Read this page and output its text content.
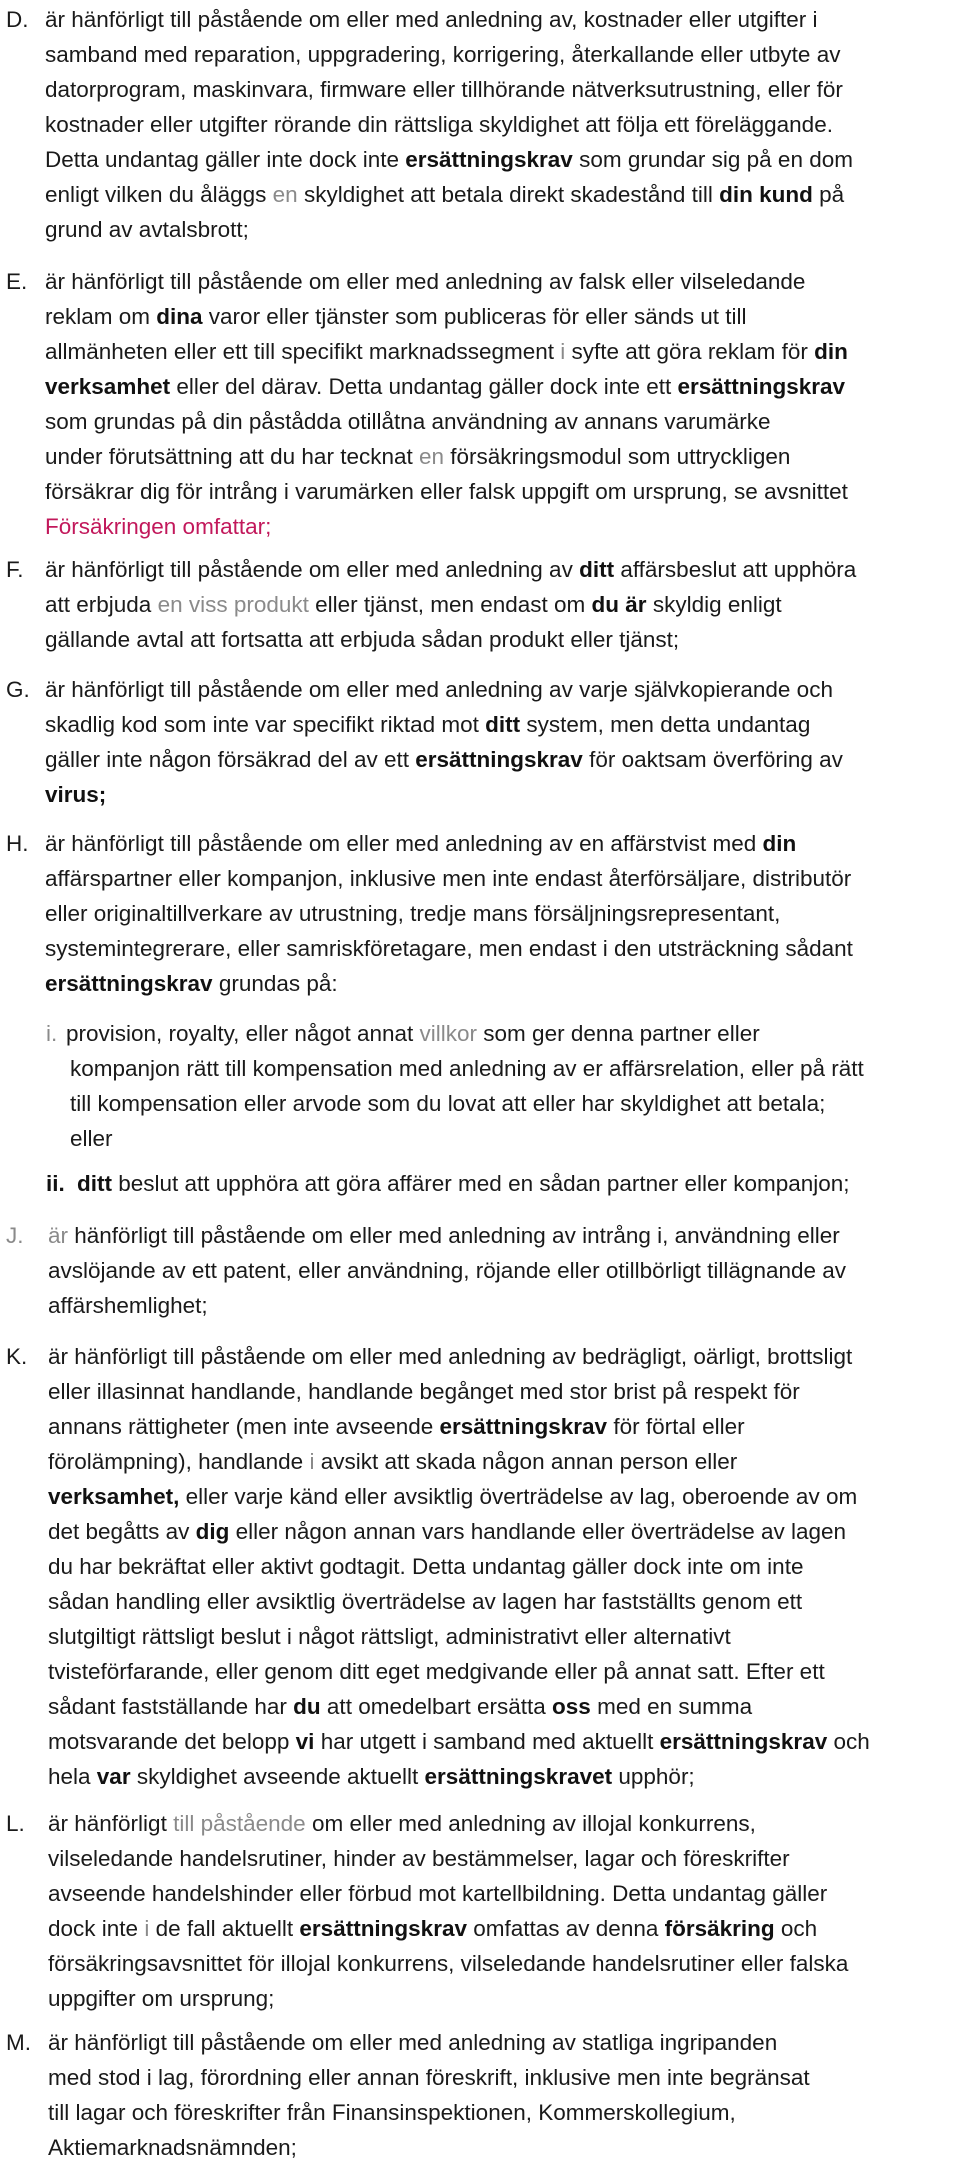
D. är hänförligt till påstående om eller med anledning av, kostnader eller utgifter i
samband med reparation, uppgradering, korrigering, återkallande eller utbyte av
datorprogram, maskinvara, firmware eller tillhörande nätverksutrustning, eller för
kostnader eller utgifter rörande din rättsliga skyldighet att följa ett föreläggande.
Detta undantag gäller inte dock inte ersättningskrav som grundar sig på en dom
enligt vilken du åläggs en skyldighet att betala direkt skadestånd till din kund på
grund av avtalsbrott;
E. är hänförligt till påstående om eller med anledning av falsk eller vilseledande
reklam om dina varor eller tjänster som publiceras för eller sänds ut till
allmänheten eller ett till specifikt marknadssegment i syfte att göra reklam för din
verksamhet eller del därav. Detta undantag gäller dock inte ett ersättningskrav
som grundas på din påstådda otillåtna användning av annans varumärke
under förutsättning att du har tecknat en försäkringsmodul som uttryckligen
försäkrar dig för intrång i varumärken eller falsk uppgift om ursprung, se avsnittet
Försäkringen omfattar;
F. är hänförligt till påstående om eller med anledning av ditt affärsbeslut att upphöra
att erbjuda en viss produkt eller tjänst, men endast om du är skyldig enligt
gällande avtal att fortsatta att erbjuda sådan produkt eller tjänst;
G. är hänförligt till påstående om eller med anledning av varje självkopierande och
skadlig kod som inte var specifikt riktad mot ditt system, men detta undantag
gäller inte någon försäkrad del av ett ersättningskrav för oaktsam överföring av
virus;
H. är hänförligt till påstående om eller med anledning av en affärstvist med din
affärspartner eller kompanjon, inklusive men inte endast återförsäljare, distributör
eller originaltillverkare av utrustning, tredje mans försäljningsrepresentant,
systemintegrerare, eller samriskföretagare, men endast i den utsträckning sådant
ersättningskrav grundas på:
i. provision, royalty, eller något annat villkor som ger denna partner eller
kompanjon rätt till kompensation med anledning av er affärsrelation, eller på rätt
till kompensation eller arvode som du lovat att eller har skyldighet att betala;
eller
ii. ditt beslut att upphöra att göra affärer med en sådan partner eller kompanjon;
J. är hänförligt till påstående om eller med anledning av intrång i, användning eller
avslöjande av ett patent, eller användning, röjande eller otillbörligt tillägnande av
affärshemlighet;
K. är hänförligt till påstående om eller med anledning av bedrägligt, oärligt, brottsligt
eller illasinnat handlande, handlande begånget med stor brist på respekt för
annans rättigheter (men inte avseende ersättningskrav för förtal eller
förolämpning), handlande i avsikt att skada någon annan person eller
verksamhet, eller varje känd eller avsiktlig överträdelse av lag, oberoende av om
det begåtts av dig eller någon annan vars handlande eller överträdelse av lagen
du har bekräftat eller aktivt godtagit. Detta undantag gäller dock inte om inte
sådan handling eller avsiktlig överträdelse av lagen har fastställts genom ett
slutgiltigt rättsligt beslut i något rättsligt, administrativt eller alternativt
tvisteförfarande, eller genom ditt eget medgivande eller på annat satt. Efter ett
sådant fastställande har du att omedelbart ersätta oss med en summa
motsvarande det belopp vi har utgett i samband med aktuellt ersättningskrav och
hela var skyldighet avseende aktuellt ersättningskravet upphör;
L. är hänförligt till påstående om eller med anledning av illojal konkurrens,
vilseledande handelsrutiner, hinder av bestämmelser, lagar och föreskrifter
avseende handelshinder eller förbud mot kartellbildning. Detta undantag gäller
dock inte i de fall aktuellt ersättningskrav omfattas av denna försäkring och
försäkringsavsnittet för illojal konkurrens, vilseledande handelsrutiner eller falska
uppgifter om ursprung;
M. är hänförligt till påstående om eller med anledning av statliga ingripanden
med stod i lag, förordning eller annan föreskrift, inklusive men inte begränsat
till lagar och föreskrifter från Finansinspektionen, Kommerskollegium,
Aktiemarknadsnämnden;
